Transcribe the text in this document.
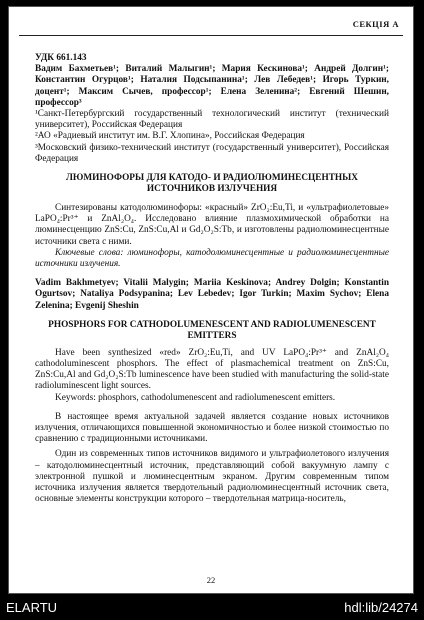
СЕКЦІЯ А

УДК 661.143

Вадим Бахметьев¹; Виталий Малыгин¹; Мария Кескинова¹; Андрей Долгин¹; Константин Огурцов¹; Наталия Подсыпанина¹; Лев Лебедев¹; Игорь Туркин, доцент¹; Максим Сычев, профессор¹; Елена Зеленина²; Евгений Шешин, профессор³

¹Санкт-Петербургский государственный технологический институт (технический университет), Российская Федерация

²АО «Радиевый институт им. В.Г. Хлопина», Российская Федерация

³Московский физико-технический институт (государственный университет), Российская Федерация

ЛЮМИНОФОРЫ ДЛЯ КАТОДО- И РАДИОЛЮМИНЕСЦЕНТНЫХ ИСТОЧНИКОВ ИЗЛУЧЕНИЯ

Синтезированы катодолюминофоры: «красный» ZrO₂:Eu,Ti, и «ультрафиолетовые» LaPO₄:Pr³⁺ и ZnAl₂O₄. Исследовано влияние плазмохимической обработки на люминесценцию ZnS:Cu, ZnS:Cu,Al и Gd₂O₂S:Tb, и изготовлены радиолюминесцентные источники света с ними.

Ключевые слова: люминофоры, катодолюминесцентные и радиолюминесцентные источники излучения.

Vadim Bakhmetyev; Vitalii Malygin; Mariia Keskinova; Andrey Dolgin; Konstantin Ogurtsov; Nataliya Podsypanina; Lev Lebedev; Igor Turkin; Maxim Sychov; Elena Zelenina; Evgenij Sheshin

PHOSPHORS FOR CATHODOLUMENESCENT AND RADIOLUMENESCENT EMITTERS

Have been synthesized «red» ZrO₂:Eu,Ti, and UV LaPO₄:Pr³⁺ and ZnAl₂O₄ cathodoluminescent phosphors. The effect of plasmachemical treatment on ZnS:Cu, ZnS:Cu,Al and Gd₂O₂S:Tb luminescence have been studied with manufacturing the solid-state radioluminescent light sources.

Keywords: phosphors, cathodolumenescent and radiolumenescent emitters.

В настоящее время актуальной задачей является создание новых источников излучения, отличающихся повышенной экономичностью и более низкой стоимостью по сравнению с традиционными источниками.

Один из современных типов источников видимого и ультрафиолетового излучения – катодолюминесцентный источник, представляющий собой вакуумную лампу с электронной пушкой и люминесцентным экраном. Другим современным типом источника излучения является твердотельный радиолюминесцентный источник света, основные элементы конструкции которого – твердотельная матрица-носитель,

22
ELARTU	hdl:lib/24274
